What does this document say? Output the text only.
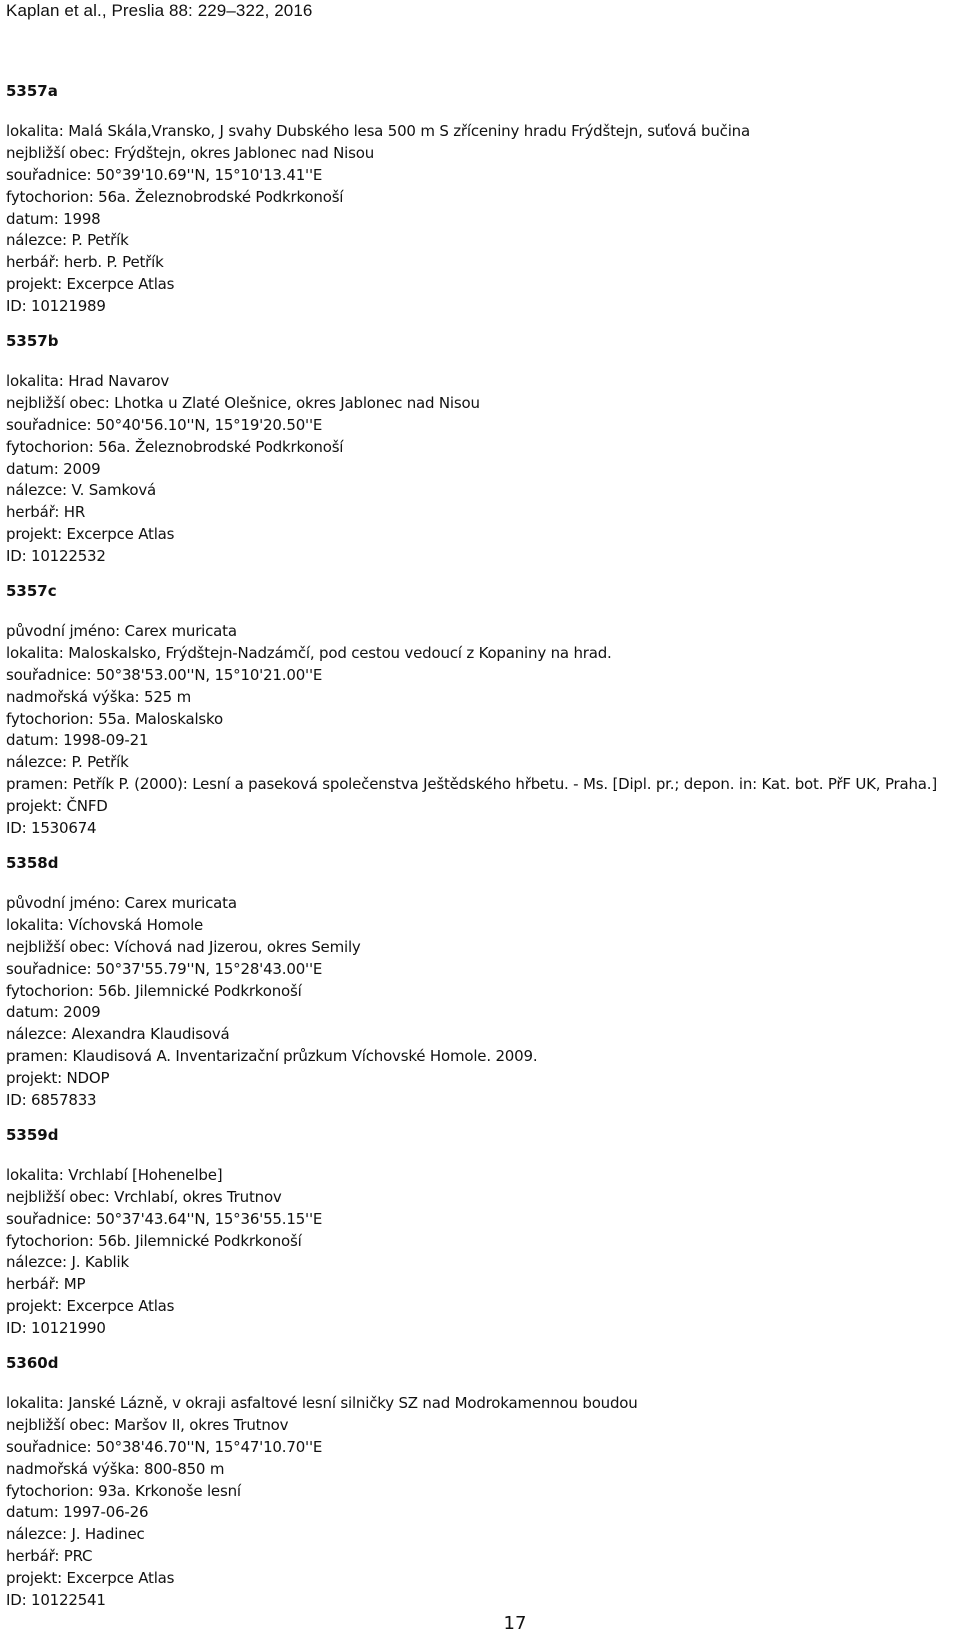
Kaplan et al., Preslia 88: 229–322, 2016
5357a
lokalita: Malá Skála,Vransko, J svahy Dubského lesa 500 m S zříceniny hradu Frýdštejn, suťová bučina
nejbližší obec: Frýdštejn, okres Jablonec nad Nisou
souřadnice: 50°39'10.69''N, 15°10'13.41''E
fytochorion: 56a. Železnobrodské Podkrkonoší
datum: 1998
nálezce: P. Petřík
herbář: herb. P. Petřík
projekt: Excerpce Atlas
ID: 10121989
5357b
lokalita: Hrad Navarov
nejbližší obec: Lhotka u Zlaté Olešnice, okres Jablonec nad Nisou
souřadnice: 50°40'56.10''N, 15°19'20.50''E
fytochorion: 56a. Železnobrodské Podkrkonoší
datum: 2009
nálezce: V. Samková
herbář: HR
projekt: Excerpce Atlas
ID: 10122532
5357c
původní jméno: Carex muricata
lokalita: Maloskalsko, Frýdštejn-Nadzámčí, pod cestou vedoucí z Kopaniny na hrad.
souřadnice: 50°38'53.00''N, 15°10'21.00''E
nadmořská výška: 525 m
fytochorion: 55a. Maloskalsko
datum: 1998-09-21
nálezce: P. Petřík
pramen: Petřík P. (2000): Lesní a paseková společenstva Ještědského hřbetu. - Ms. [Dipl. pr.; depon. in: Kat. bot. PřF UK, Praha.]
projekt: ČNFD
ID: 1530674
5358d
původní jméno: Carex muricata
lokalita: Víchovská Homole
nejbližší obec: Víchová nad Jizerou, okres Semily
souřadnice: 50°37'55.79''N, 15°28'43.00''E
fytochorion: 56b. Jilemnické Podkrkonoší
datum: 2009
nálezce: Alexandra Klaudisová
pramen: Klaudisová A. Inventarizační průzkum Víchovské Homole. 2009.
projekt: NDOP
ID: 6857833
5359d
lokalita: Vrchlabí [Hohenelbe]
nejbližší obec: Vrchlabí, okres Trutnov
souřadnice: 50°37'43.64''N, 15°36'55.15''E
fytochorion: 56b. Jilemnické Podkrkonoší
nálezce: J. Kablik
herbář: MP
projekt: Excerpce Atlas
ID: 10121990
5360d
lokalita: Janské Lázně, v okraji asfaltové lesní silničky SZ nad Modrokamennou boudou
nejbližší obec: Maršov II, okres Trutnov
souřadnice: 50°38'46.70''N, 15°47'10.70''E
nadmořská výška: 800-850 m
fytochorion: 93a. Krkonoše lesní
datum: 1997-06-26
nálezce: J. Hadinec
herbář: PRC
projekt: Excerpce Atlas
ID: 10122541
17
